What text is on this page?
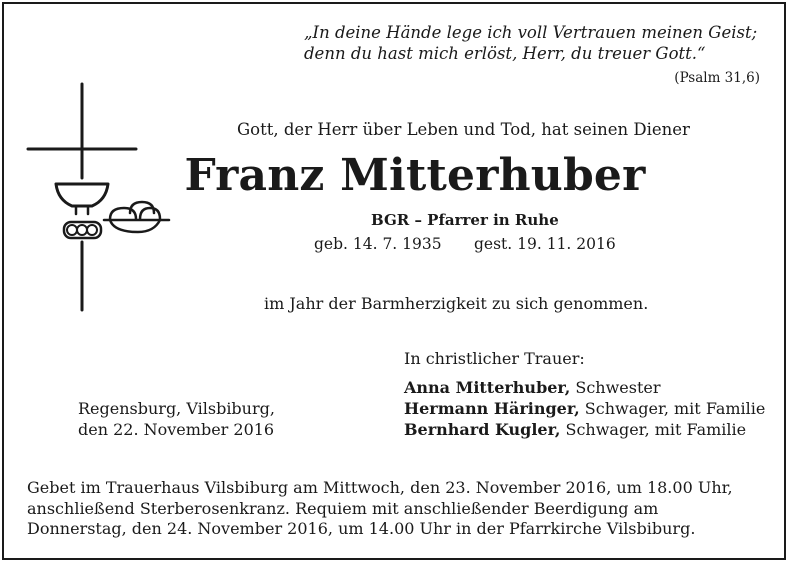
„In deine Hände lege ich voll Vertrauen meinen Geist;
denn du hast mich erlöst, Herr, du treuer Gott.“
(Psalm 31,6)
Gott, der Herr über Leben und Tod, hat seinen Diener
Franz Mitterhuber
BGR – Pfarrer in Ruhe
geb. 14. 7. 1935 gest. 19. 11. 2016
im Jahr der Barmherzigkeit zu sich genommen.
In christlicher Trauer:
Anna Mitterhuber, Schwester
Hermann Häringer, Schwager, mit Familie
Bernhard Kugler, Schwager, mit Familie
Regensburg, Vilsbiburg,
den 22. November 2016
Gebet im Trauerhaus Vilsbiburg am Mittwoch, den 23. November 2016, um 18.00 Uhr, anschließend Sterberosenkranz. Requiem mit anschließender Beerdigung am Donnerstag, den 24. November 2016, um 14.00 Uhr in der Pfarrkirche Vilsbiburg.
